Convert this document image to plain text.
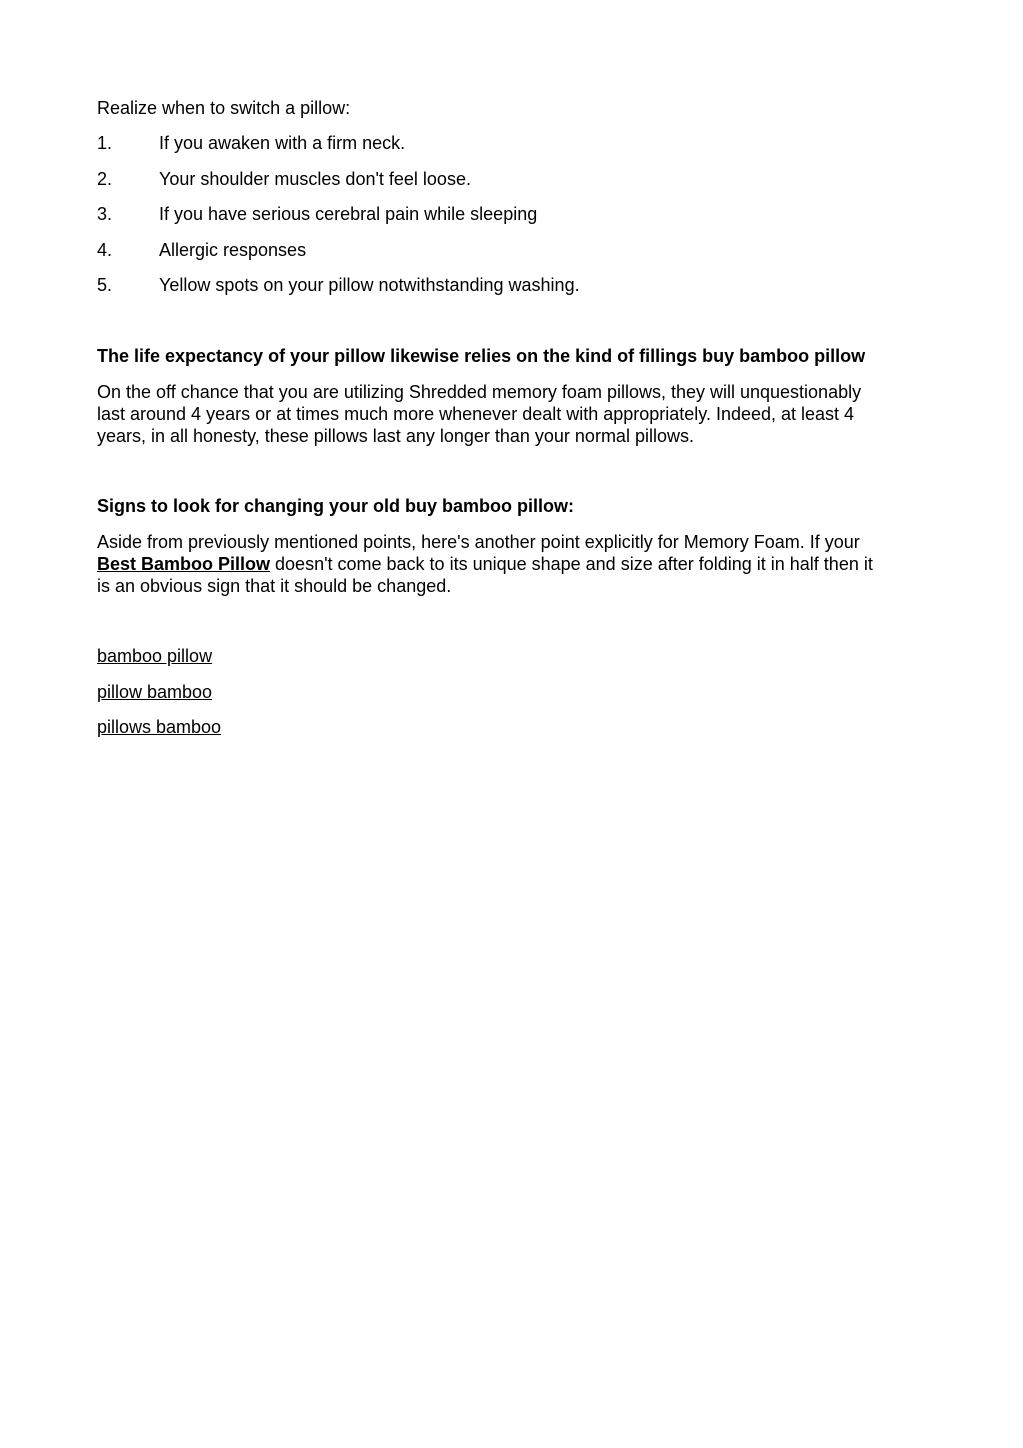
Realize when to switch a pillow:
1.	If you awaken with a firm neck.
2.	Your shoulder muscles don't feel loose.
3.	If you have serious cerebral pain while sleeping
4.	Allergic responses
5.	Yellow spots on your pillow notwithstanding washing.
The life expectancy of your pillow likewise relies on the kind of fillings buy bamboo pillow
On the off chance that you are utilizing Shredded memory foam pillows, they will unquestionably
last around 4 years or at times much more whenever dealt with appropriately. Indeed, at least 4
years, in all honesty, these pillows last any longer than your normal pillows.
Signs to look for changing your old buy bamboo pillow:
Aside from previously mentioned points, here's another point explicitly for Memory Foam. If your
Best Bamboo Pillow doesn't come back to its unique shape and size after folding it in half then it
is an obvious sign that it should be changed.
bamboo pillow
pillow bamboo
pillows bamboo
